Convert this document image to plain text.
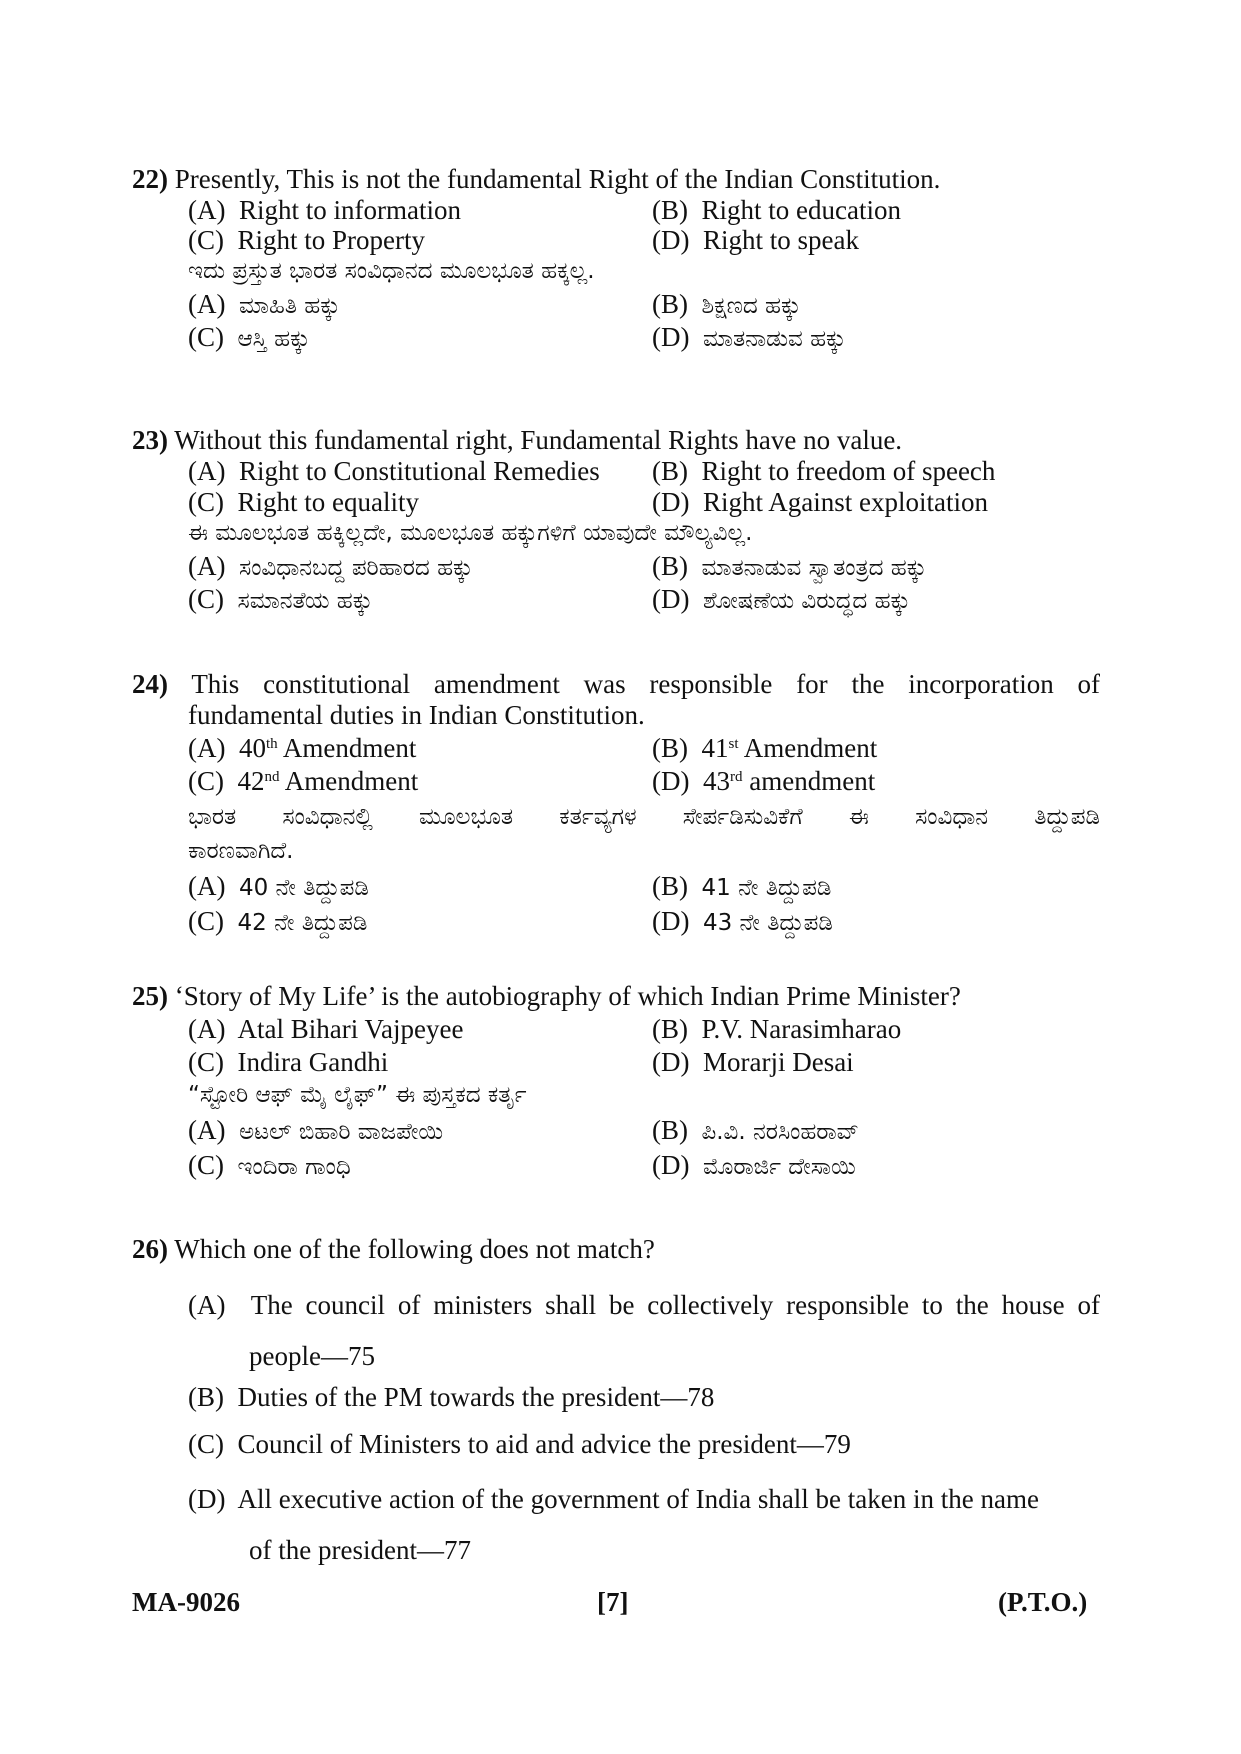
22) Presently, This is not the fundamental Right of the Indian Constitution.
(A) Right to information	(B) Right to education
(C) Right to Property	(D) Right to speak
ಇದು ಪ್ರಸ್ತುತ ಭಾರತ ಸಂವಿಧಾನದ ಮೂಲಭೂತ ಹಕ್ಕಲ್ಲ.
(A) ಮಾಹಿತಿ ಹಕ್ಕು	(B) ಶಿಕ್ಷಣದ ಹಕ್ಕು
(C) ಆಸ್ತಿ ಹಕ್ಕು	(D) ಮಾತನಾಡುವ ಹಕ್ಕು
23) Without this fundamental right, Fundamental Rights have no value.
(A) Right to Constitutional Remedies (B) Right to freedom of speech
(C) Right to equality	(D) Right Against exploitation
ಈ ಮೂಲಭೂತ ಹಕ್ಕಿಲ್ಲದೇ, ಮೂಲಭೂತ ಹಕ್ಕುಗಳಿಗೆ ಯಾವುದೇ ಮೌಲ್ಯವಿಲ್ಲ.
(A) ಸಂವಿಧಾನಬದ್ದ ಪರಿಹಾರದ ಹಕ್ಕು	(B) ಮಾತನಾಡುವ ಸ್ವಾತಂತ್ರದ ಹಕ್ಕು
(C) ಸಮಾನತೆಯ ಹಕ್ಕು	(D) ಶೋಷಣೆಯ ವಿರುದ್ಧದ ಹಕ್ಕು
24) This constitutional amendment was responsible for the incorporation of
fundamental duties in Indian Constitution.
(A) 40th Amendment	(B) 41st Amendment
(C) 42nd Amendment	(D) 43rd amendment
ಭಾರತ ಸಂವಿಧಾನಲ್ಲಿ ಮೂಲಭೂತ ಕರ್ತವ್ಯಗಳ ಸೇರ್ಪಡಿಸುವಿಕೆಗೆ ಈ ಸಂವಿಧಾನ ತಿದ್ದುಪಡಿ
ಕಾರಣವಾಗಿದೆ.
(A) 40 ನೇ ತಿದ್ದುಪಡಿ	(B) 41 ನೇ ತಿದ್ದುಪಡಿ
(C) 42 ನೇ ತಿದ್ದುಪಡಿ	(D) 43 ನೇ ತಿದ್ದುಪಡಿ
25) ‘Story of My Life’ is the autobiography of which Indian Prime Minister?
(A) Atal Bihari Vajpeyee	(B) P.V. Narasimharao
(C) Indira Gandhi	(D) Morarji Desai
“ಸ್ಟೋರಿ ಆಫ್ ಮೈ ಲೈಫ್” ಈ ಪುಸ್ತಕದ ಕರ್ತೃ
(A) ಅಟಲ್ ಬಿಹಾರಿ ವಾಜಪೇಯಿ	(B) ಪಿ.ವಿ. ನರಸಿಂಹರಾವ್
(C) ಇಂದಿರಾ ಗಾಂಧಿ	(D) ಮೊರಾರ್ಜಿ ದೇಸಾಯಿ
26) Which one of the following does not match?
(A) The council of ministers shall be collectively responsible to the house of
people—75
(B) Duties of the PM towards the president—78
(C) Council of Ministers to aid and advice the president—79
(D) All executive action of the government of India shall be taken in the name
of the president—77
MA-9026	[7]	(P.T.O.)
